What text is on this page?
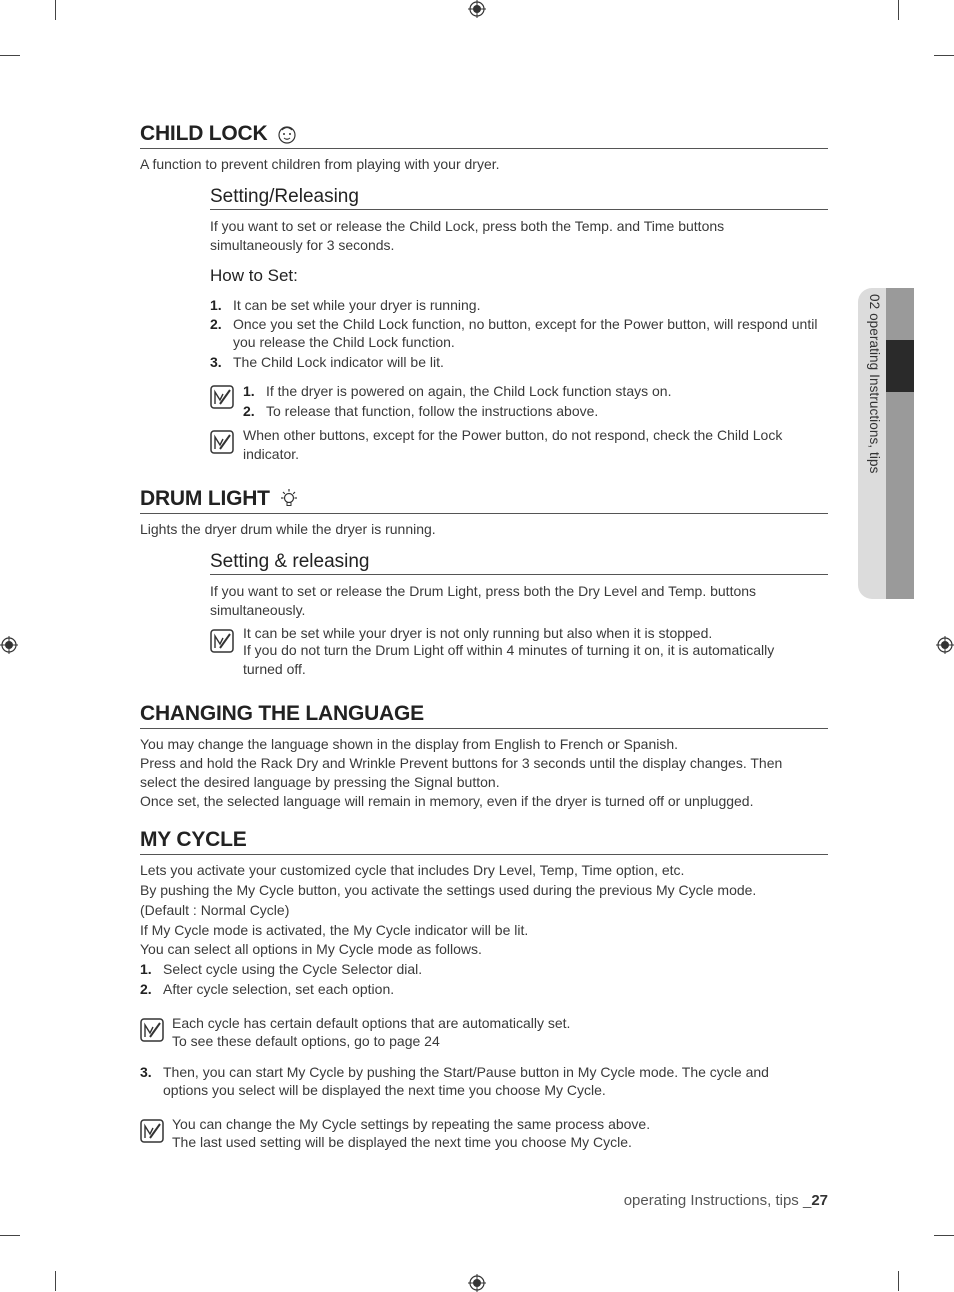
02 operating Instructions, tips
CHILD LOCK
A function to prevent children from playing with your dryer.
Setting/Releasing
If you want to set or release the Child Lock, press both the Temp. and Time buttons simultaneously for 3 seconds.
How to Set:
1. It can be set while your dryer is running.
2. Once you set the Child Lock function, no button, except for the Power button, will respond until you release the Child Lock function.
3. The Child Lock indicator will be lit.
1. If the dryer is powered on again, the Child Lock function stays on.
2. To release that function, follow the instructions above.
When other buttons, except for the Power button, do not respond, check the Child Lock indicator.
DRUM LIGHT
Lights the dryer drum while the dryer is running.
Setting & releasing
If you want to set or release the Drum Light, press both the Dry Level and Temp. buttons simultaneously.
It can be set while your dryer is not only running but also when it is stopped.
If you do not turn the Drum Light off within 4 minutes of turning it on, it is automatically turned off.
CHANGING THE LANGUAGE
You may change the language shown in the display from English to French or Spanish.
Press and hold the Rack Dry and Wrinkle Prevent buttons for 3 seconds until the display changes. Then select the desired language by pressing the Signal button.
Once set, the selected language will remain in memory, even if the dryer is turned off or unplugged.
MY CYCLE
Lets you activate your customized cycle that includes Dry Level, Temp, Time option, etc.
By pushing the My Cycle button, you activate the settings used during the previous My Cycle mode.
(Default : Normal Cycle)
If My Cycle mode is activated, the My Cycle indicator will be lit.
You can select all options in My Cycle mode as follows.
1. Select cycle using the Cycle Selector dial.
2. After cycle selection, set each option.
Each cycle has certain default options that are automatically set.
To see these default options, go to page 24
3. Then, you can start My Cycle by pushing the Start/Pause button in My Cycle mode. The cycle and options you select will be displayed the next time you choose My Cycle.
You can change the My Cycle settings by repeating the same process above.
The last used setting will be displayed the next time you choose My Cycle.
operating Instructions, tips _27
